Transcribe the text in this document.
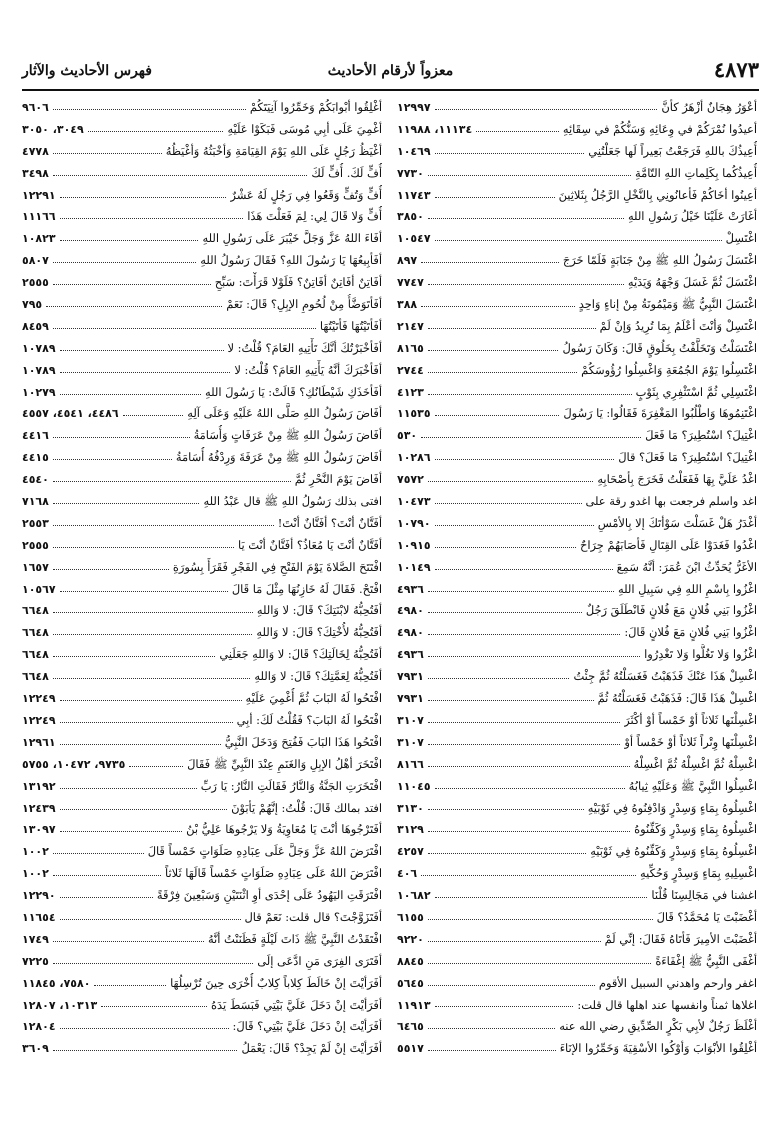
٤٨٧٣
معزواً لأرقام الأحاديث
فهرس الأحاديث والآثار
أعْوَرُ هِجَانٌ أزْهَرُ كأنَّ
١٢٩٩٧
أعيدُوا نُمْرَكُمْ في وِعَائِهِ وَسَنُّكُمْ في سِقَائِهِ
١١١٣٤، ١١٩٨٨
أُعِيذُكَ باللهِ فَرَجَعْتُ بَعِيراً لَها جَعَلْتُنِي
١٠٤٦٩
أُعِيذُكُما بِكَلِماتِ اللهِ التّامَّةِ
٧٧٣٠
أعِينُوا أخَاكُمْ فَأعانُونِي بِالنَّخْلِ الرَّجُلُ بِثَلاثِينَ
١١٧٤٣
أغَارَتْ عَلَيْنَا خَيْلُ رَسُولِ اللهِ
٣٨٥٠
اغْتَسِلْ
١٠٥٤٧
اغْتَسَلَ رَسُولُ اللهِ ﷺ مِنْ جَنَابَةٍ فَلَمّا خَرَجَ
٨٩٧
اغْتَسَلَ ثُمَّ غَسَلَ وَجْهَهُ وَيَدَيْهِ
٧٧٤٧
اغْتَسَلَ النَّبِيُّ ﷺ وَمَيْمُونَةُ مِنْ إناءٍ وَاحِدٍ
٣٨٨
اغْتَسِلْ وَأنْتَ أعْلَمُ بِمَا تُرِيدُ وَإنْ لَمْ
٢١٤٧
اغْتَسَلْتُ وَتَخَلَّفْتُ بِخَلُوقٍ قَالَ: وَكَانَ رَسُولُ
٨١٦٥
اغْتَسِلُوا يَوْمَ الجُمُعَةِ وَاغْسِلُوا رُؤُوسَكُمْ
٢٧٤٤
اغْتَسِلِي ثُمَّ اسْتَثْفِرِي بِثَوْبٍ
٤١٢٣
اغْتَنِمُوهَا وَاطْلُبُوا المَغْفِرَةَ فَقَالُوا: يَا رَسُولَ
١١٥٣٥
اغْتِيلَ؟ اسْتُطِيرَ؟ مَا فَعَلَ
٥٣٠
اغْتِيلَ؟ اسْتُطِيرَ؟ مَا فَعَلَ؟ قالَ
١٠٢٨٦
اغْدُ عَلَيَّ بِهَا فَفَعَلْتُ فَخَرَجَ بِأصْحَابِهِ
٧٥٧٢
اغد واسلم فرجعت بها اغدو رقة على
١٠٤٧٣
أغْدَرُ هَلْ غَسَلْتَ سَوْأتَكَ إلا بِالأمْسِ
١٠٧٩٠
اغْدُوا فَغَدَوْا عَلَى القِتَالِ فَأصَابَهُمْ جِرَاحٌ
١٠٩١٥
الأغَرُّ يُحَدِّثُ ابْنَ عُمَرَ: أنَّهُ سَمِعَ
١٠١٤٩
اغْزُوا بِاسْمِ اللهِ فِي سَبِيلِ اللهِ
٤٩٣٦
اغْزُوا بَنِي فُلانٍ مَعَ فُلانٍ فَانْطَلَقَ رَجُلٌ
٤٩٨٠
اغْزُوا بَنِي فُلانٍ مَعَ فُلانٍ قَالَ:
٤٩٨٠
اغْزُوا وَلا تَغُلُّوا وَلا تَغْدِرُوا
٤٩٣٦
اغْسِلْ هَذَا عَنْكَ فَذَهَبْتُ فَغَسَلْتُهُ ثُمَّ جِئْتُ
٧٩٣١
اغْسِلْ هَذَا قَالَ: فَذَهَبْتُ فَغَسَلْتُهُ ثُمَّ
٧٩٣١
اغْسِلْنَها ثَلاثاً أوْ خَمْساً أوْ أكْثَرَ
٣١٠٧
اغْسِلْنَها وِتْراً ثَلاثاً أوْ خَمْساً أوْ
٣١٠٧
اغْسِلْهُ ثُمَّ اغْسِلْهُ ثُمَّ اغْسِلْهُ
٨١٦٦
اغْسِلُوا النَّبِيَّ ﷺ وَعَلَيْهِ ثِيابُهُ
١١٠٤٥
اغْسِلُوهُ بِمَاءٍ وَسِدْرٍ وَادْفِنُوهُ فِي ثَوْبَيْهِ
٣١٣٠
اغْسِلُوهُ بِمَاءٍ وَسِدْرٍ وَكَفِّنُوهُ
٣١٢٩
اغْسِلُوهُ بِمَاءٍ وَسِدْرٍ وَكَفِّنُوهُ فِي ثَوْبَيْهِ
٤٢٥٧
اغْسِلِيهِ بِمَاءٍ وَسِدْرٍ وَحُكِّيهِ
٤٠٦
اغشنا في مَجَالِسِنَا قُلْنَا
١٠٦٨٢
أغْضَبْتَ يَا مُحَمَّدُ؟ قَالَ
٦١٥٥
أغْضَبْتَ الأمِيرَ فَأتَاهُ فَقَالَ: إنِّي لَمْ
٩٢٢٠
أغْفَى النَّبِيُّ ﷺ إغْفَاءَةً
٨٨٤٥
اغفر وارحم واهدني السبيل الأقوم
٥٦٤٥
اغلاها ثمناً وانفسها عند اهلها قال قلت:
١١٩١٣
أغْلَظَ رَجُلٌ لأبِي بَكْرٍ الصِّدِّيقِ رضي الله عنه
٦٤٦٥
أغْلِقُوا الأبْوَابَ وَأوْكُوا الأسْقِيَةَ وَخَمِّرُوا الإنَاءَ
٥٥١٧
أغْلِقُوا أبْوابَكُمْ وَخَمِّرُوا آنِيَتَكُمْ
٩٦٠٦
أغْمِيَ عَلَى أبِي مُوسَى فَبَكَوْا عَلَيْهِ
٣٠٤٩، ٣٠٥٠
أغْيَظُ رَجُلٍ عَلَى اللهِ يَوْمَ القِيَامَةِ وَأخْبَثُهُ وَأغْيَظُهُ
٤٧٧٨
أُفٍّ لَكَ. أُفٍّ لَكَ
٣٤٩٨
أُفٍّ وَتُفٍّ وَقَعُوا فِي رَجُلٍ لَهُ عَشْرٌ
١٢٢٩١
أُفٍّ وَلا قَالَ لِي: لِمَ فَعَلْتَ هَذَا
١١١٦٦
أفَاءَ اللهُ عَزَّ وَجَلَّ خَيْبَرَ عَلَى رَسُولِ اللهِ
١٠٨٢٣
أفَأبِيعُهَا يَا رَسُولَ اللهِ؟ فَقَالَ رَسُولُ اللهِ
٥٨٠٧
أفَاتِنٌ أفَاتِنٌ أفَاتِنٌ؟ فَلَوْلا قَرَأْتَ: سَبِّحِ
٢٥٥٥
أفَأتَوَضَّأُ مِنْ لُحُومِ الإبِلِ؟ قَالَ: نَعَمْ
٧٩٥
أفَأتَيْتُهَا فَأتَيْتُهَا
٨٤٥٩
أفَأخْبَرْتُكَ أنَّكَ تَأْتِيهِ العَامَ؟ قُلْتُ: لا
١٠٧٨٩
أفَأخْبَرَكَ أنَّهُ يَأْتِيهِ العَامَ؟ قُلْتُ: لا
١٠٧٨٩
أفَأخَذَكِ شَيْطَانُكِ؟ قَالَتْ: يَا رَسُولَ اللهِ
١٠٢٧٩
أفَاضَ رَسُولُ اللهِ صَلَّى اللهُ عَلَيْهِ وَعَلَى آلِهِ
٤٤٨٦، ٤٥٤١، ٤٥٥٧
أفَاضَ رَسُولُ اللهِ ﷺ مِنْ عَرَفَاتٍ وَأُسَامَةُ
٤٤١٦
أفَاضَ رَسُولُ اللهِ ﷺ مِنْ عَرَفَةَ وَرِدْفُهُ أُسَامَةُ
٤٤١٥
أفَاضَ يَوْمَ النَّحْرِ ثُمَّ
٤٥٤٠
افتى بذلك رَسُولُ اللهِ ﷺ قال عَبْدُ اللهِ
٧١٦٨
أفَتَّانٌ أنْتَ؟ أفَتَّانٌ أنْتَ!
٢٥٥٣
أفَتَّانٌ أنْتَ يَا مُعَاذُ؟ أفَتَّانٌ أنْتَ يَا
٢٥٥٥
افْتَتَحَ الصَّلاةَ يَوْمَ الفَتْحِ فِي الفَجْرِ فَقَرَأَ بِسُورَةِ
١٦٥٧
افْتَحْ. فَقَالَ لَهُ خَازِنُهَا مِثْلَ مَا قَالَ
١٠٥٦٧
أفَتُحِبُّهُ لابْنَتِكَ؟ قَالَ: لا وَاللهِ
٦٦٤٨
أفَتُحِبُّهُ لأُخْتِكَ؟ قَالَ: لا وَاللهِ
٦٦٤٨
أفَتُحِبُّهُ لِخَالَتِكَ؟ قَالَ: لا وَاللهِ جَعَلَنِي
٦٦٤٨
أفَتُحِبُّهُ لِعَمَّتِكَ؟ قَالَ: لا وَاللهِ
٦٦٤٨
افْتَحُوا لَهُ البَابَ ثُمَّ أُغْمِيَ عَلَيْهِ
١٢٢٤٩
افْتَحُوا لَهُ البَابَ؟ فَقُلْتُ لَكَ: أبِي
١٢٢٤٩
افْتَحُوا هَذَا البَابَ فَفُتِحَ وَدَخَلَ النَّبِيُّ
١٢٩٦١
افْتَخَرَ أهْلُ الإبِلِ وَالغَنَمِ عِنْدَ النَّبِيِّ ﷺ فَقَالَ
٩٧٣٥، ١٠٤٧٢، ٥٧٥٥
افْتَخَرَتِ الجَنَّةُ وَالنَّارُ فَقَالَتِ النَّارُ: يَا رَبِّ
١٣١٩٢
افتد بمالك قَالَ: قُلْتُ: إنَّهُمْ يَأبَوْنَ
١٢٤٣٩
أفَتَرْجُوهَا أنْتَ يَا مُعَاوِيَةُ وَلا يَرْجُوهَا عَلِيُّ بْنُ
١٣٠٩٧
افْتَرَضَ اللهُ عَزَّ وَجَلَّ عَلَى عِبَادِهِ صَلَوَاتٍ خَمْساً قَالَ
١٠٠٢
افْتَرَضَ اللهُ عَلَى عِبَادِهِ صَلَوَاتٍ خَمْساً قَالَهَا ثَلاثاً
١٠٠٢
افْتَرَقَتِ اليَهُودُ عَلَى إحْدَى أوِ اثْنَتَيْنِ وَسَبْعِينَ فِرْقَةً
١٢٢٩٠
أفَتَزَوَّجْتَ؟ قال قلت: نَعَمْ قال
١١٦٥٤
افْتَقَدْتُ النَّبِيَّ ﷺ ذَاتَ لَيْلَةٍ فَظَنَنْتُ أنَّهُ
١٧٤٩
أفَتَرَى الفِرَى مَنِ ادَّعَى إلَى
٧٢٢٥
أفَرَأيْتَ إنْ خَالَطَ كِلاباً كِلابٌ أُخْرَى حِينَ تُرْسِلُهَا
٧٥٨٠، ١١٨٤٥
أفَرَأيْتَ إنْ دَخَلَ عَلَيَّ بَيْتِي فَبَسَطَ يَدَهُ
١٠٣١٣، ١٢٨٠٧
أفَرَأيْتَ إنْ دَخَلَ عَلَيَّ بَيْتِي؟ قَالَ:
١٢٨٠٤
أفَرَأيْتَ إنْ لَمْ يَجِدْ؟ قَالَ: يَعْمَلُ
٣٦٠٩
